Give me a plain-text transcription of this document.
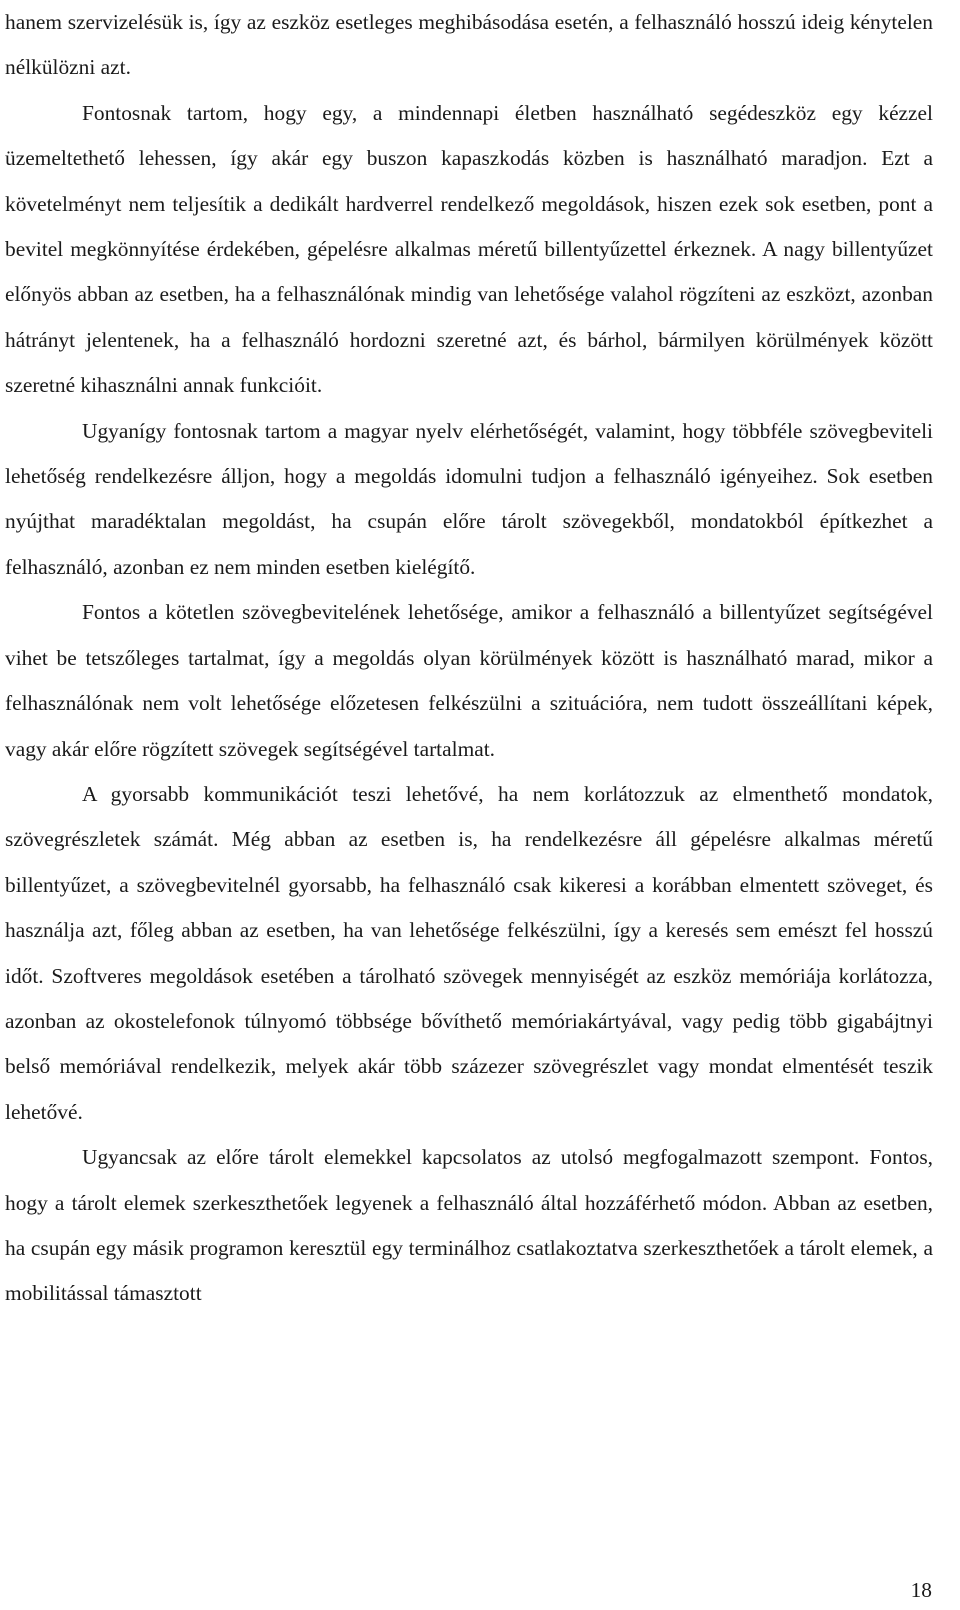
hanem szervizelésük is, így az eszköz esetleges meghibásodása esetén, a felhasználó hosszú ideig kénytelen nélkülözni azt.

Fontosnak tartom, hogy egy, a mindennapi életben használható segédeszköz egy kézzel üzemeltethető lehessen, így akár egy buszon kapaszkodás közben is használható maradjon. Ezt a követelményt nem teljesítik a dedikált hardverrel rendelkező megoldások, hiszen ezek sok esetben, pont a bevitel megkönnyítése érdekében, gépelésre alkalmas méretű billentyűzettel érkeznek. A nagy billentyűzet előnyös abban az esetben, ha a felhasználónak mindig van lehetősége valahol rögzíteni az eszközt, azonban hátrányt jelentenek, ha a felhasználó hordozni szeretné azt, és bárhol, bármilyen körülmények között szeretné kihasználni annak funkcióit.

Ugyanígy fontosnak tartom a magyar nyelv elérhetőségét, valamint, hogy többféle szövegbeviteli lehetőség rendelkezésre álljon, hogy a megoldás idomulni tudjon a felhasználó igényeihez. Sok esetben nyújthat maradéktalan megoldást, ha csupán előre tárolt szövegekből, mondatokból építkezhet a felhasználó, azonban ez nem minden esetben kielégítő.

Fontos a kötetlen szövegbevitelének lehetősége, amikor a felhasználó a billentyűzet segítségével vihet be tetszőleges tartalmat, így a megoldás olyan körülmények között is használható marad, mikor a felhasználónak nem volt lehetősége előzetesen felkészülni a szituációra, nem tudott összeállítani képek, vagy akár előre rögzített szövegek segítségével tartalmat.

A gyorsabb kommunikációt teszi lehetővé, ha nem korlátozzuk az elmenthető mondatok, szövegrészletek számát. Még abban az esetben is, ha rendelkezésre áll gépelésre alkalmas méretű billentyűzet, a szövegbevitelnél gyorsabb, ha felhasználó csak kikeresi a korábban elmentett szöveget, és használja azt, főleg abban az esetben, ha van lehetősége felkészülni, így a keresés sem emészt fel hosszú időt. Szoftveres megoldások esetében a tárolható szövegek mennyiségét az eszköz memóriája korlátozza, azonban az okostelefonok túlnyomó többsége bővíthető memóriakártyával, vagy pedig több gigabájtnyi belső memóriával rendelkezik, melyek akár több százezer szövegrészlet vagy mondat elmentését teszik lehetővé.

Ugyancsak az előre tárolt elemekkel kapcsolatos az utolsó megfogalmazott szempont. Fontos, hogy a tárolt elemek szerkeszthetőek legyenek a felhasználó által hozzáférhető módon. Abban az esetben, ha csupán egy másik programon keresztül egy terminálhoz csatlakoztatva szerkeszthetőek a tárolt elemek, a mobilitással támasztott

18
